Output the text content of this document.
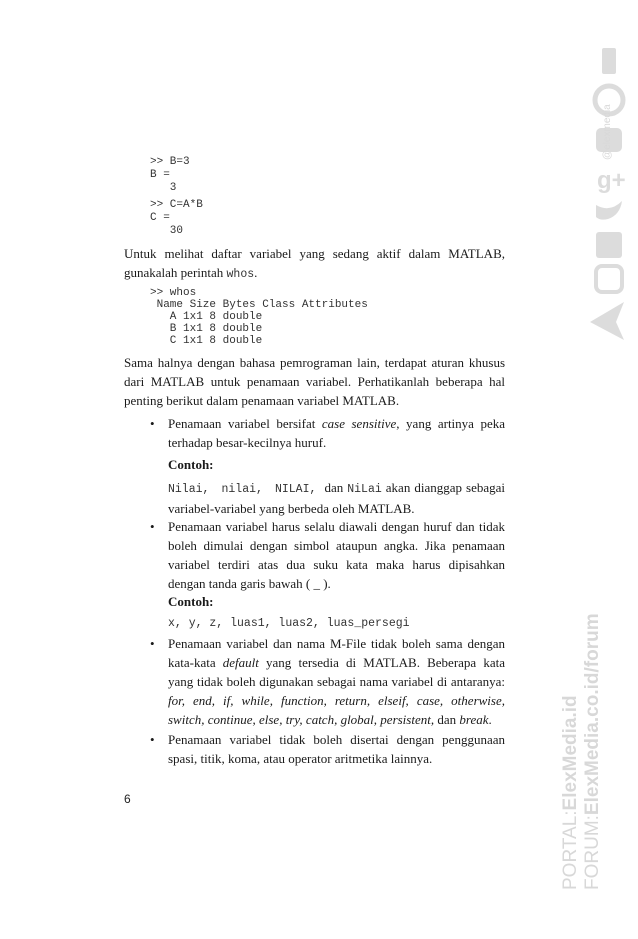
>> B=3
B =
3
>> C=A*B
C =
30
Untuk melihat daftar variabel yang sedang aktif dalam MATLAB, gunakalah perintah whos.
>> whos
Name Size Bytes Class Attributes
A 1x1 8 double
B 1x1 8 double
C 1x1 8 double
Sama halnya dengan bahasa pemrograman lain, terdapat aturan khusus dari MATLAB untuk penamaan variabel. Perhatikanlah beberapa hal penting berikut dalam penamaan variabel MATLAB.
• Penamaan variabel bersifat case sensitive, yang artinya peka terhadap besar-kecilnya huruf.
Contoh:
Nilai, nilai, NILAI, dan NiLai akan dianggap sebagai variabel-variabel yang berbeda oleh MATLAB.
• Penamaan variabel harus selalu diawali dengan huruf dan tidak boleh dimulai dengan simbol ataupun angka. Jika penamaan variabel terdiri atas dua suku kata maka harus dipisahkan dengan tanda garis bawah ( _ ).
Contoh:
x, y, z, luas1, luas2, luas_persegi
• Penamaan variabel dan nama M-File tidak boleh sama dengan kata-kata default yang tersedia di MATLAB. Beberapa kata yang tidak boleh digunakan sebagai nama variabel di antaranya: for, end, if, while, function, return, elseif, case, otherwise, switch, continue, else, try, catch, global, persistent, dan break.
• Penamaan variabel tidak boleh disertai dengan penggunaan spasi, titik, koma, atau operator aritmetika lainnya.
6
g+
@elexmedia
PORTAL:ElexMedia.id
FORUM:ElexMedia.co.id/forum
